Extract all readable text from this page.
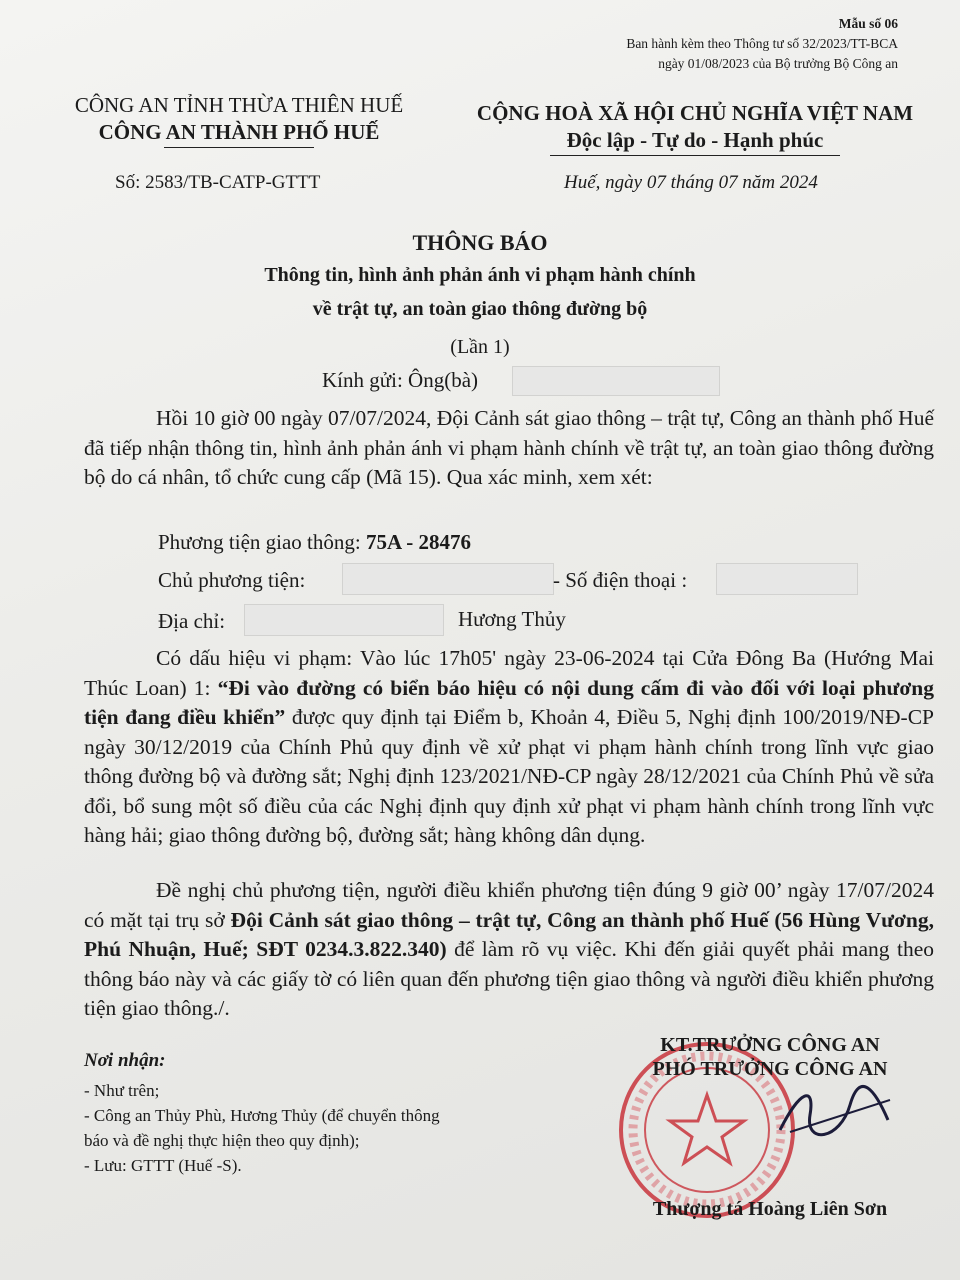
Mẫu số 06
Ban hành kèm theo Thông tư số 32/2023/TT-BCA
ngày 01/08/2023 của Bộ trưởng Bộ Công an
CÔNG AN TỈNH THỪA THIÊN HUẾ
CÔNG AN THÀNH PHỐ HUẾ
CỘNG HOÀ XÃ HỘI CHỦ NGHĨA VIỆT NAM
Độc lập - Tự do - Hạnh phúc
Số: 2583/TB-CATP-GTTT	Huế, ngày 07 tháng 07 năm 2024
THÔNG BÁO
Thông tin, hình ảnh phản ánh vi phạm hành chính
về trật tự, an toàn giao thông đường bộ
(Lần 1)
Kính gửi: Ông(bà)
Hồi 10 giờ 00 ngày 07/07/2024, Đội Cảnh sát giao thông – trật tự, Công an thành phố Huế đã tiếp nhận thông tin, hình ảnh phản ánh vi phạm hành chính về trật tự, an toàn giao thông đường bộ do cá nhân, tổ chức cung cấp (Mã 15). Qua xác minh, xem xét:
Phương tiện giao thông: 75A - 28476
Chủ phương tiện:	- Số điện thoại :
Địa chỉ:	Hương Thủy
Có dấu hiệu vi phạm: Vào lúc 17h05' ngày 23-06-2024 tại Cửa Đông Ba (Hướng Mai Thúc Loan) 1: “Đi vào đường có biển báo hiệu có nội dung cấm đi vào đối với loại phương tiện đang điều khiển” được quy định tại Điểm b, Khoản 4, Điều 5, Nghị định 100/2019/NĐ-CP ngày 30/12/2019 của Chính Phủ quy định về xử phạt vi phạm hành chính trong lĩnh vực giao thông đường bộ và đường sắt; Nghị định 123/2021/NĐ-CP ngày 28/12/2021 của Chính Phủ về sửa đổi, bổ sung một số điều của các Nghị định quy định xử phạt vi phạm hành chính trong lĩnh vực hàng hải; giao thông đường bộ, đường sắt; hàng không dân dụng.
Đề nghị chủ phương tiện, người điều khiển phương tiện đúng 9 giờ 00’ ngày 17/07/2024 có mặt tại trụ sở Đội Cảnh sát giao thông – trật tự, Công an thành phố Huế (56 Hùng Vương, Phú Nhuận, Huế; SĐT 0234.3.822.340) để làm rõ vụ việc. Khi đến giải quyết phải mang theo thông báo này và các giấy tờ có liên quan đến phương tiện giao thông và người điều khiển phương tiện giao thông./.
Nơi nhận:
- Như trên;
- Công an Thủy Phù, Hương Thủy (để chuyển thông
báo và đề nghị thực hiện theo quy định);
- Lưu: GTTT (Huế -S).
KT.TRƯỞNG CÔNG AN
PHÓ TRƯỞNG CÔNG AN
Thượng tá Hoàng Liên Sơn
